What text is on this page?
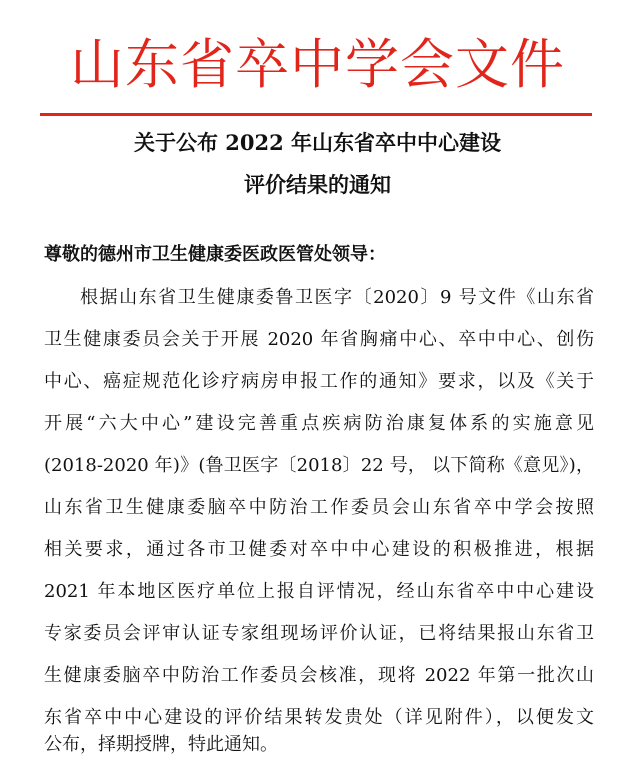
山东省卒中学会文件
关于公布 2022 年山东省卒中中心建设
评价结果的通知
尊敬的德州市卫生健康委医政医管处领导：
根据山东省卫生健康委鲁卫医字〔2020〕9 号文件《山东省
卫生健康委员会关于开展 2020 年省胸痛中心、卒中中心、创伤
中心、癌症规范化诊疗病房申报工作的通知》要求，以及《关于
开展“六大中心”建设完善重点疾病防治康复体系的实施意见
(2018-2020 年)》(鲁卫医字〔2018〕22 号， 以下简称《意见》)，
山东省卫生健康委脑卒中防治工作委员会山东省卒中学会按照
相关要求，通过各市卫健委对卒中中心建设的积极推进，根据
2021 年本地区医疗单位上报自评情况，经山东省卒中中心建设
专家委员会评审认证专家组现场评价认证，已将结果报山东省卫
生健康委脑卒中防治工作委员会核准，现将 2022 年第一批次山
东省卒中中心建设的评价结果转发贵处（详见附件），以便发文
公布，择期授牌，特此通知。
